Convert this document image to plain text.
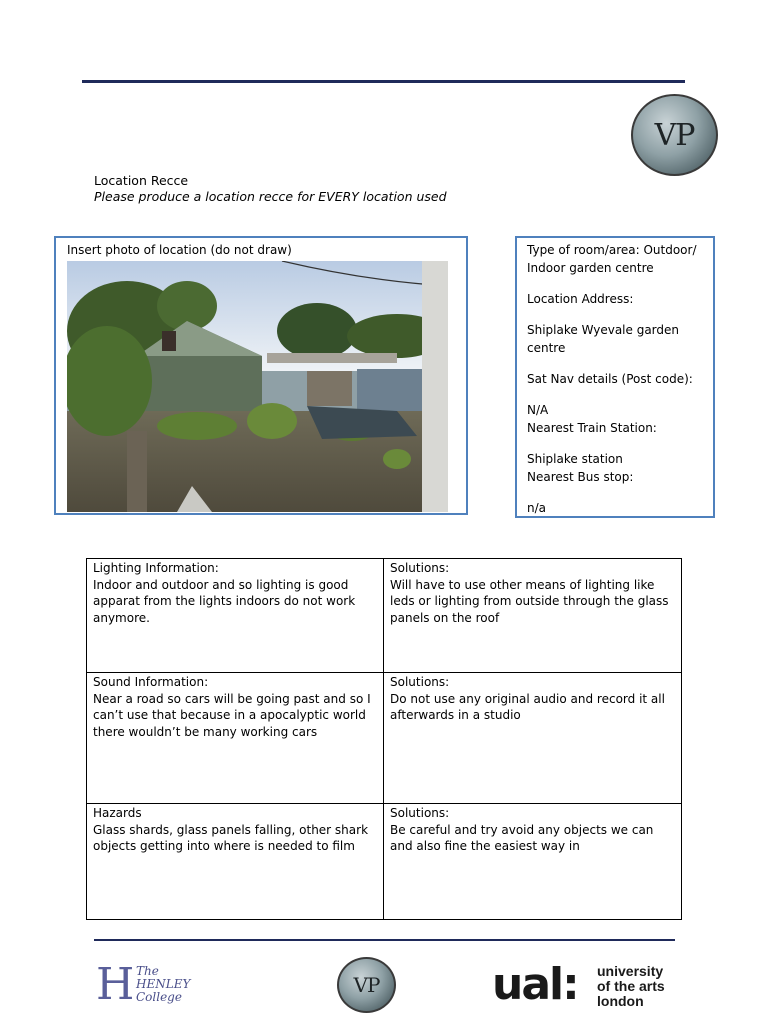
VP
Location Recce
Please produce a location recce for EVERY location used
Insert photo of location (do not draw)	Type of room/area: Outdoor/ Indoor garden centre

Location Address:

Shiplake Wyevale garden centre

Sat Nav details (Post code):

N/A

Nearest Train Station:

Shiplake station

Nearest Bus stop:

n/a

Lighting Information:
Indoor and outdoor and so lighting is good apparat from the lights indoors do not work anymore.
Solutions:
Will have to use other means of lighting like leds or lighting from outside through the glass panels on the roof
Sound Information:
Near a road so cars will be going past and so I can’t use that because in a apocalyptic world there wouldn’t be many working cars
Solutions:
Do not use any original audio and record it all afterwards in a studio
Hazards
Glass shards, glass panels falling, other shark objects getting into where is needed to film
Solutions:
Be careful and try avoid any objects we can and also fine the easiest way in
H The
HENLEY
College	VP	ual: university
of the arts
london
